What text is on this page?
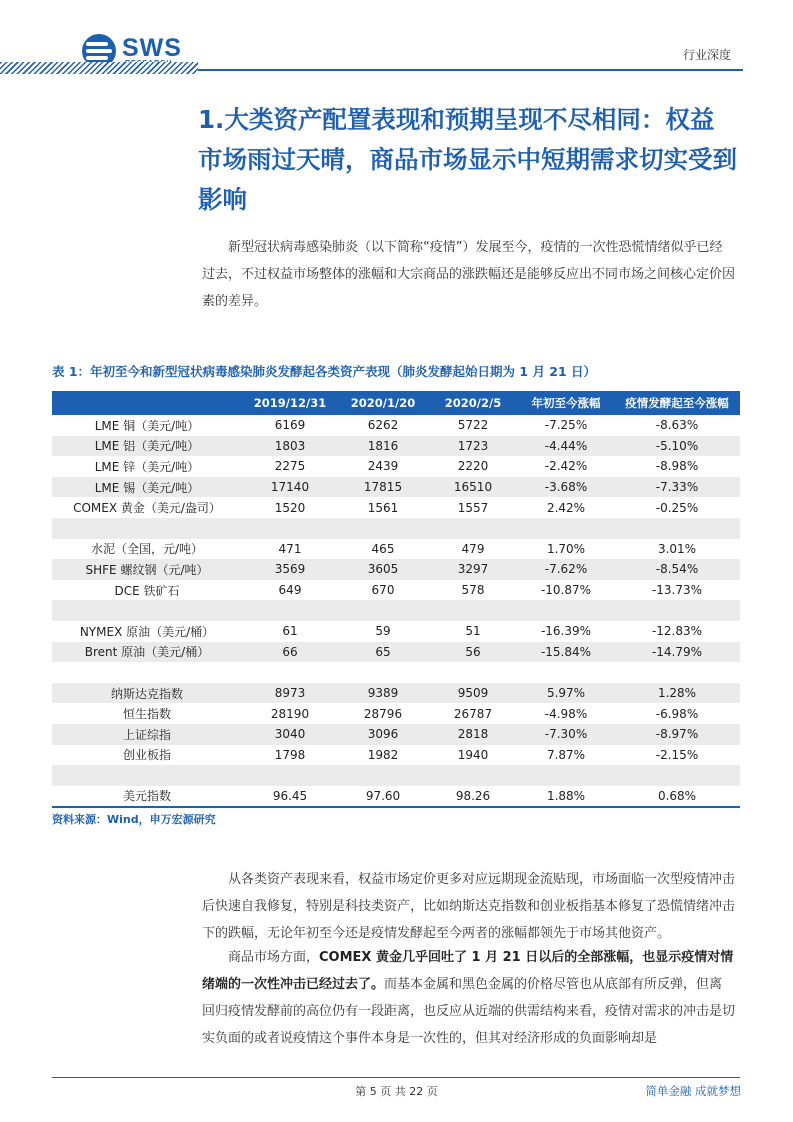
SWS	行业深度
1.大类资产配置表现和预期呈现不尽相同：权益市场雨过天晴，商品市场显示中短期需求切实受到影响

新型冠状病毒感染肺炎（以下简称“疫情”）发展至今，疫情的一次性恐慌情绪似乎已经过去，不过权益市场整体的涨幅和大宗商品的涨跌幅还是能够反应出不同市场之间核心定价因素的差异。

表 1：年初至今和新型冠状病毒感染肺炎发酵起各类资产表现（肺炎发酵起始日期为 1 月 21 日）
	2019/12/31	2020/1/20	2020/2/5	年初至今涨幅	疫情发酵起至今涨幅
LME 铜（美元/吨）	6169	6262	5722	-7.25%	-8.63%
LME 铝（美元/吨）	1803	1816	1723	-4.44%	-5.10%
LME 锌（美元/吨）	2275	2439	2220	-2.42%	-8.98%
LME 锡（美元/吨）	17140	17815	16510	-3.68%	-7.33%
COMEX 黄金（美元/盎司）	1520	1561	1557	2.42%	-0.25%

水泥（全国，元/吨）	471	465	479	1.70%	3.01%
SHFE 螺纹钢（元/吨）	3569	3605	3297	-7.62%	-8.54%
DCE 铁矿石	649	670	578	-10.87%	-13.73%

NYMEX 原油（美元/桶）	61	59	51	-16.39%	-12.83%
Brent 原油（美元/桶）	66	65	56	-15.84%	-14.79%

纳斯达克指数	8973	9389	9509	5.97%	1.28%
恒生指数	28190	28796	26787	-4.98%	-6.98%
上证综指	3040	3096	2818	-7.30%	-8.97%
创业板指	1798	1982	1940	7.87%	-2.15%

美元指数	96.45	97.60	98.26	1.88%	0.68%
资料来源：Wind，申万宏源研究

从各类资产表现来看，权益市场定价更多对应远期现金流贴现，市场面临一次型疫情冲击后快速自我修复，特别是科技类资产，比如纳斯达克指数和创业板指基本修复了恐慌情绪冲击下的跌幅，无论年初至今还是疫情发酵起至今两者的涨幅都领先于市场其他资产。

商品市场方面，COMEX 黄金几乎回吐了 1 月 21 日以后的全部涨幅，也显示疫情对情绪端的一次性冲击已经过去了。而基本金属和黑色金属的价格尽管也从底部有所反弹，但离回归疫情发酵前的高位仍有一段距离，也反应从近端的供需结构来看，疫情对需求的冲击是切实负面的或者说疫情这个事件本身是一次性的，但其对经济形成的负面影响却是

第 5 页 共 22 页	简单金融 成就梦想
